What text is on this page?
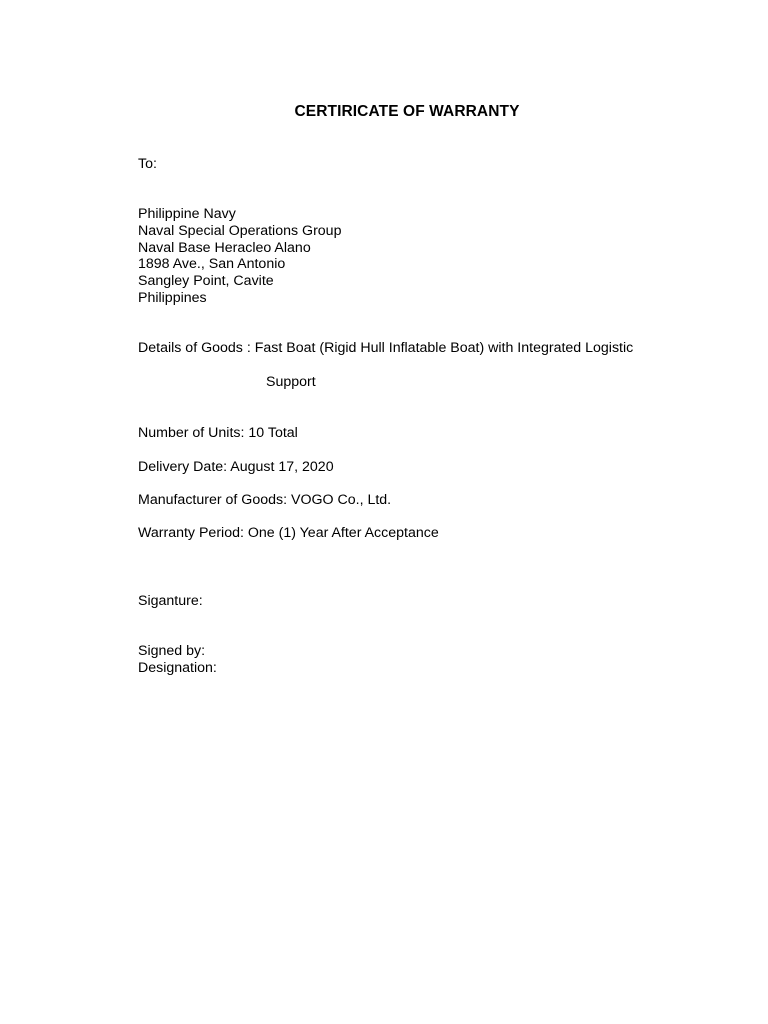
CERTIRICATE OF WARRANTY
To:
Philippine Navy
Naval Special Operations Group
Naval Base Heracleo Alano
1898 Ave., San Antonio
Sangley Point, Cavite
Philippines
Details of Goods : Fast Boat (Rigid Hull Inflatable Boat) with Integrated Logistic
Support
Number of Units: 10 Total
Delivery Date: August 17, 2020
Manufacturer of Goods: VOGO Co., Ltd.
Warranty Period: One (1) Year After Acceptance
Siganture:
Signed by:
Designation:
